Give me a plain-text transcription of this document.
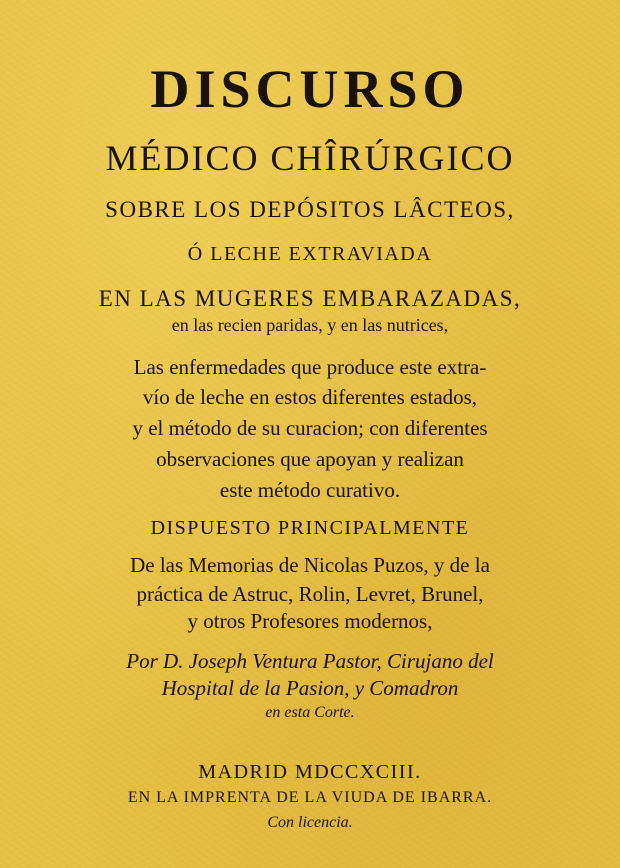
DISCURSO
MÉDICO CHÎRÚRGICO
SOBRE LOS DEPÓSITOS LÂCTEOS,
Ó LECHE EXTRAVIADA
EN LAS MUGERES EMBARAZADAS,
en las recien paridas, y en las nutrices,
Las enfermedades que produce este extra-
vío de leche en estos diferentes estados,
y el método de su curacion; con diferentes
observaciones que apoyan y realizan
este método curativo.
DISPUESTO PRINCIPALMENTE
De las Memorias de Nicolas Puzos, y de la
práctica de Astruc, Rolin, Levret, Brunel,
y otros Profesores modernos,
Por D. Joseph Ventura Pastor, Cirujano del
Hospital de la Pasion, y Comadron
en esta Corte.
MADRID MDCCXCIII.
EN LA IMPRENTA DE LA VIUDA DE IBARRA.
Con licencia.
